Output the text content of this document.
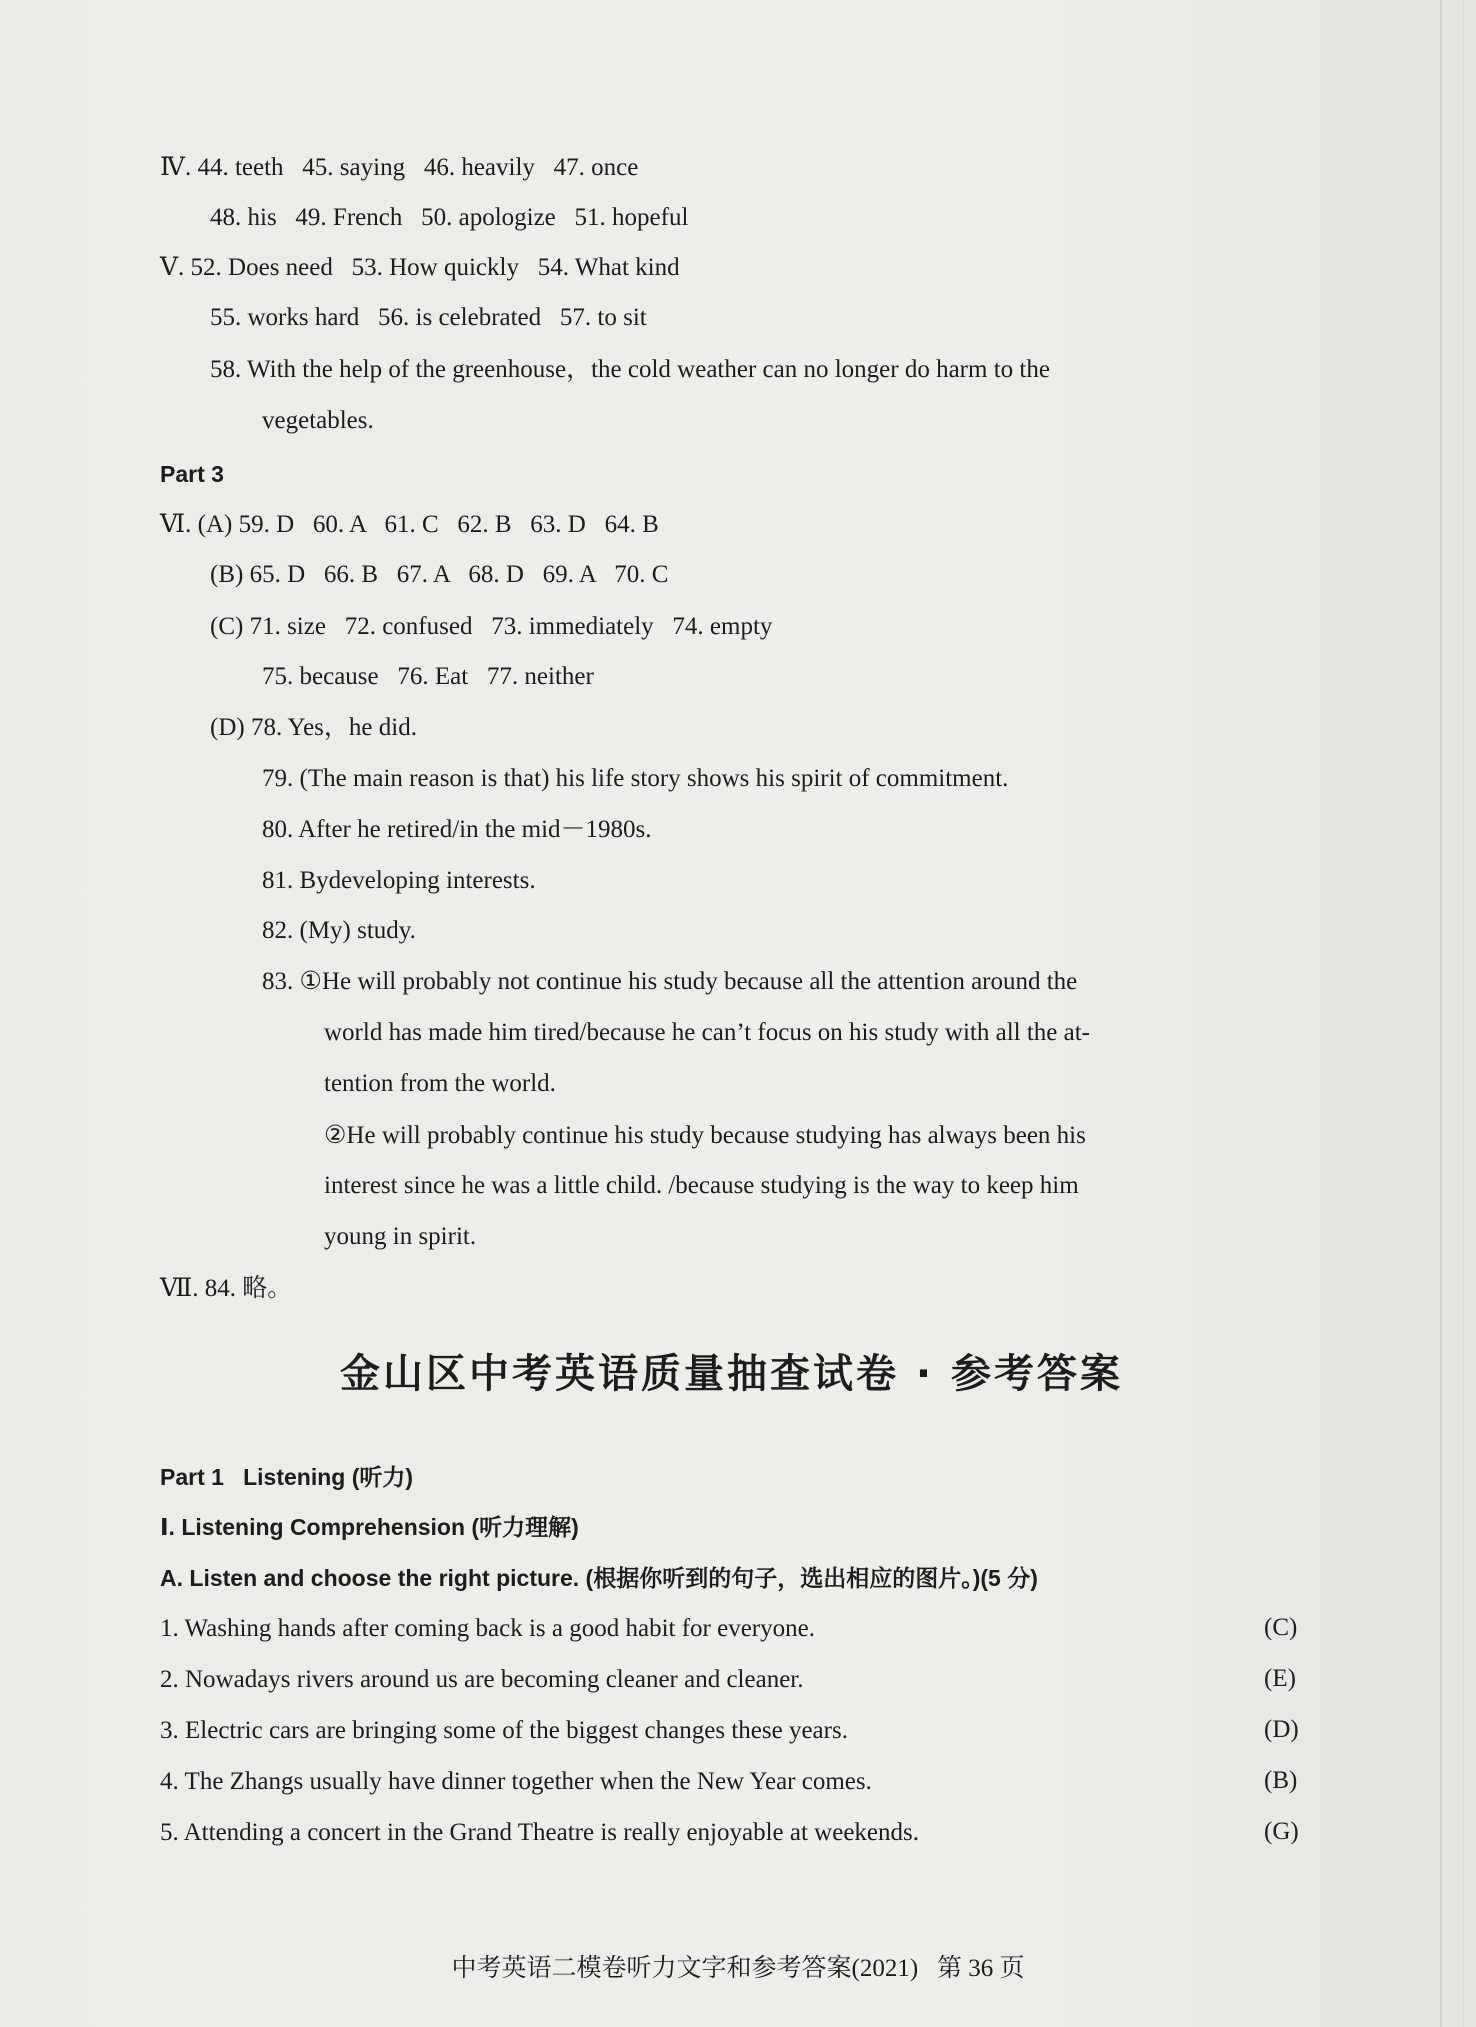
Ⅳ. 44. teeth   45. saying   46. heavily   47. once
48. his   49. French   50. apologize   51. hopeful
Ⅴ. 52. Does need   53. How quickly   54. What kind
55. works hard   56. is celebrated   57. to sit
58. With the help of the greenhouse，the cold weather can no longer do harm to the
vegetables.
Part 3
Ⅵ. (A) 59. D   60. A   61. C   62. B   63. D   64. B
(B) 65. D   66. B   67. A   68. D   69. A   70. C
(C) 71. size   72. confused   73. immediately   74. empty
75. because   76. Eat   77. neither
(D) 78. Yes，he did.
79. (The main reason is that) his life story shows his spirit of commitment.
80. After he retired/in the mid－1980s.
81. Bydeveloping interests.
82. (My) study.
83. ①He will probably not continue his study because all the attention around the
world has made him tired/because he can’t focus on his study with all the at-
tention from the world.
②He will probably continue his study because studying has always been his
interest since he was a little child. /because studying is the way to keep him
young in spirit.
Ⅶ. 84. 略。
金山区中考英语质量抽查试卷 · 参考答案
Part 1   Listening (听力)
Ⅰ. Listening Comprehension (听力理解)
A. Listen and choose the right picture. (根据你听到的句子，选出相应的图片。)(5 分)
1. Washing hands after coming back is a good habit for everyone.	(C)
2. Nowadays rivers around us are becoming cleaner and cleaner.	(E)
3. Electric cars are bringing some of the biggest changes these years.	(D)
4. The Zhangs usually have dinner together when the New Year comes.	(B)
5. Attending a concert in the Grand Theatre is really enjoyable at weekends.	(G)
中考英语二模卷听力文字和参考答案(2021)   第 36 页
